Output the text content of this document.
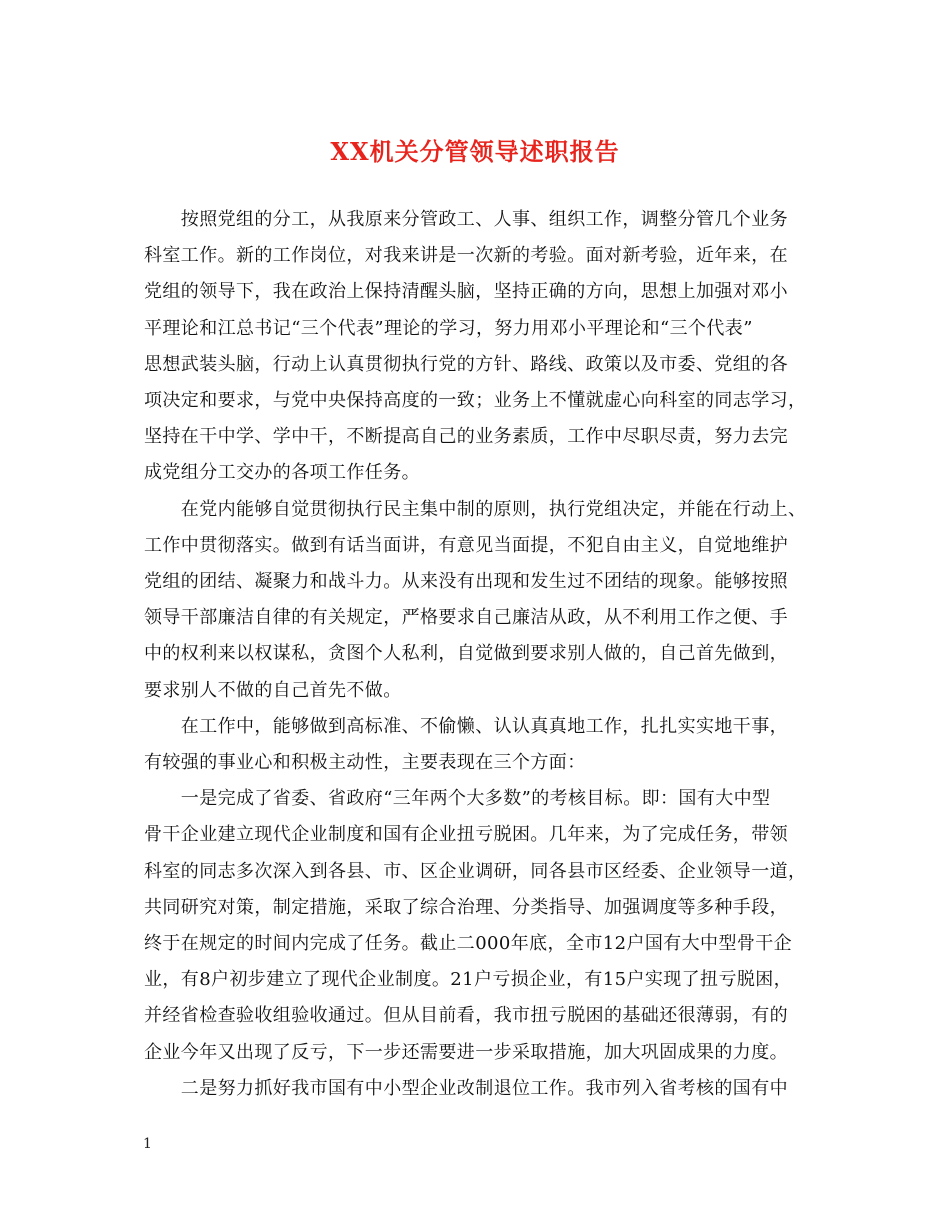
XX机关分管领导述职报告
　　按照党组的分工，从我原来分管政工、人事、组织工作，调整分管几个业务
科室工作。新的工作岗位，对我来讲是一次新的考验。面对新考验，近年来，在
党组的领导下，我在政治上保持清醒头脑，坚持正确的方向，思想上加强对邓小
平理论和江总书记“三个代表”理论的学习，努力用邓小平理论和“三个代表”
思想武装头脑，行动上认真贯彻执行党的方针、路线、政策以及市委、党组的各
项决定和要求，与党中央保持高度的一致；业务上不懂就虚心向科室的同志学习，
坚持在干中学、学中干，不断提高自己的业务素质，工作中尽职尽责，努力去完
成党组分工交办的各项工作任务。
　　在党内能够自觉贯彻执行民主集中制的原则，执行党组决定，并能在行动上、
工作中贯彻落实。做到有话当面讲，有意见当面提，不犯自由主义，自觉地维护
党组的团结、凝聚力和战斗力。从来没有出现和发生过不团结的现象。能够按照
领导干部廉洁自律的有关规定，严格要求自己廉洁从政，从不利用工作之便、手
中的权利来以权谋私，贪图个人私利，自觉做到要求别人做的，自己首先做到，
要求别人不做的自己首先不做。
　　在工作中，能够做到高标准、不偷懒、认认真真地工作，扎扎实实地干事，
有较强的事业心和积极主动性，主要表现在三个方面：
　　一是完成了省委、省政府“三年两个大多数”的考核目标。即：国有大中型
骨干企业建立现代企业制度和国有企业扭亏脱困。几年来，为了完成任务，带领
科室的同志多次深入到各县、市、区企业调研，同各县市区经委、企业领导一道，
共同研究对策，制定措施，采取了综合治理、分类指导、加强调度等多种手段，
终于在规定的时间内完成了任务。截止二000年底，全市12户国有大中型骨干企
业，有8户初步建立了现代企业制度。21户亏损企业，有15户实现了扭亏脱困，
并经省检查验收组验收通过。但从目前看，我市扭亏脱困的基础还很薄弱，有的
企业今年又出现了反亏，下一步还需要进一步采取措施，加大巩固成果的力度。
　　二是努力抓好我市国有中小型企业改制退位工作。我市列入省考核的国有中
1
